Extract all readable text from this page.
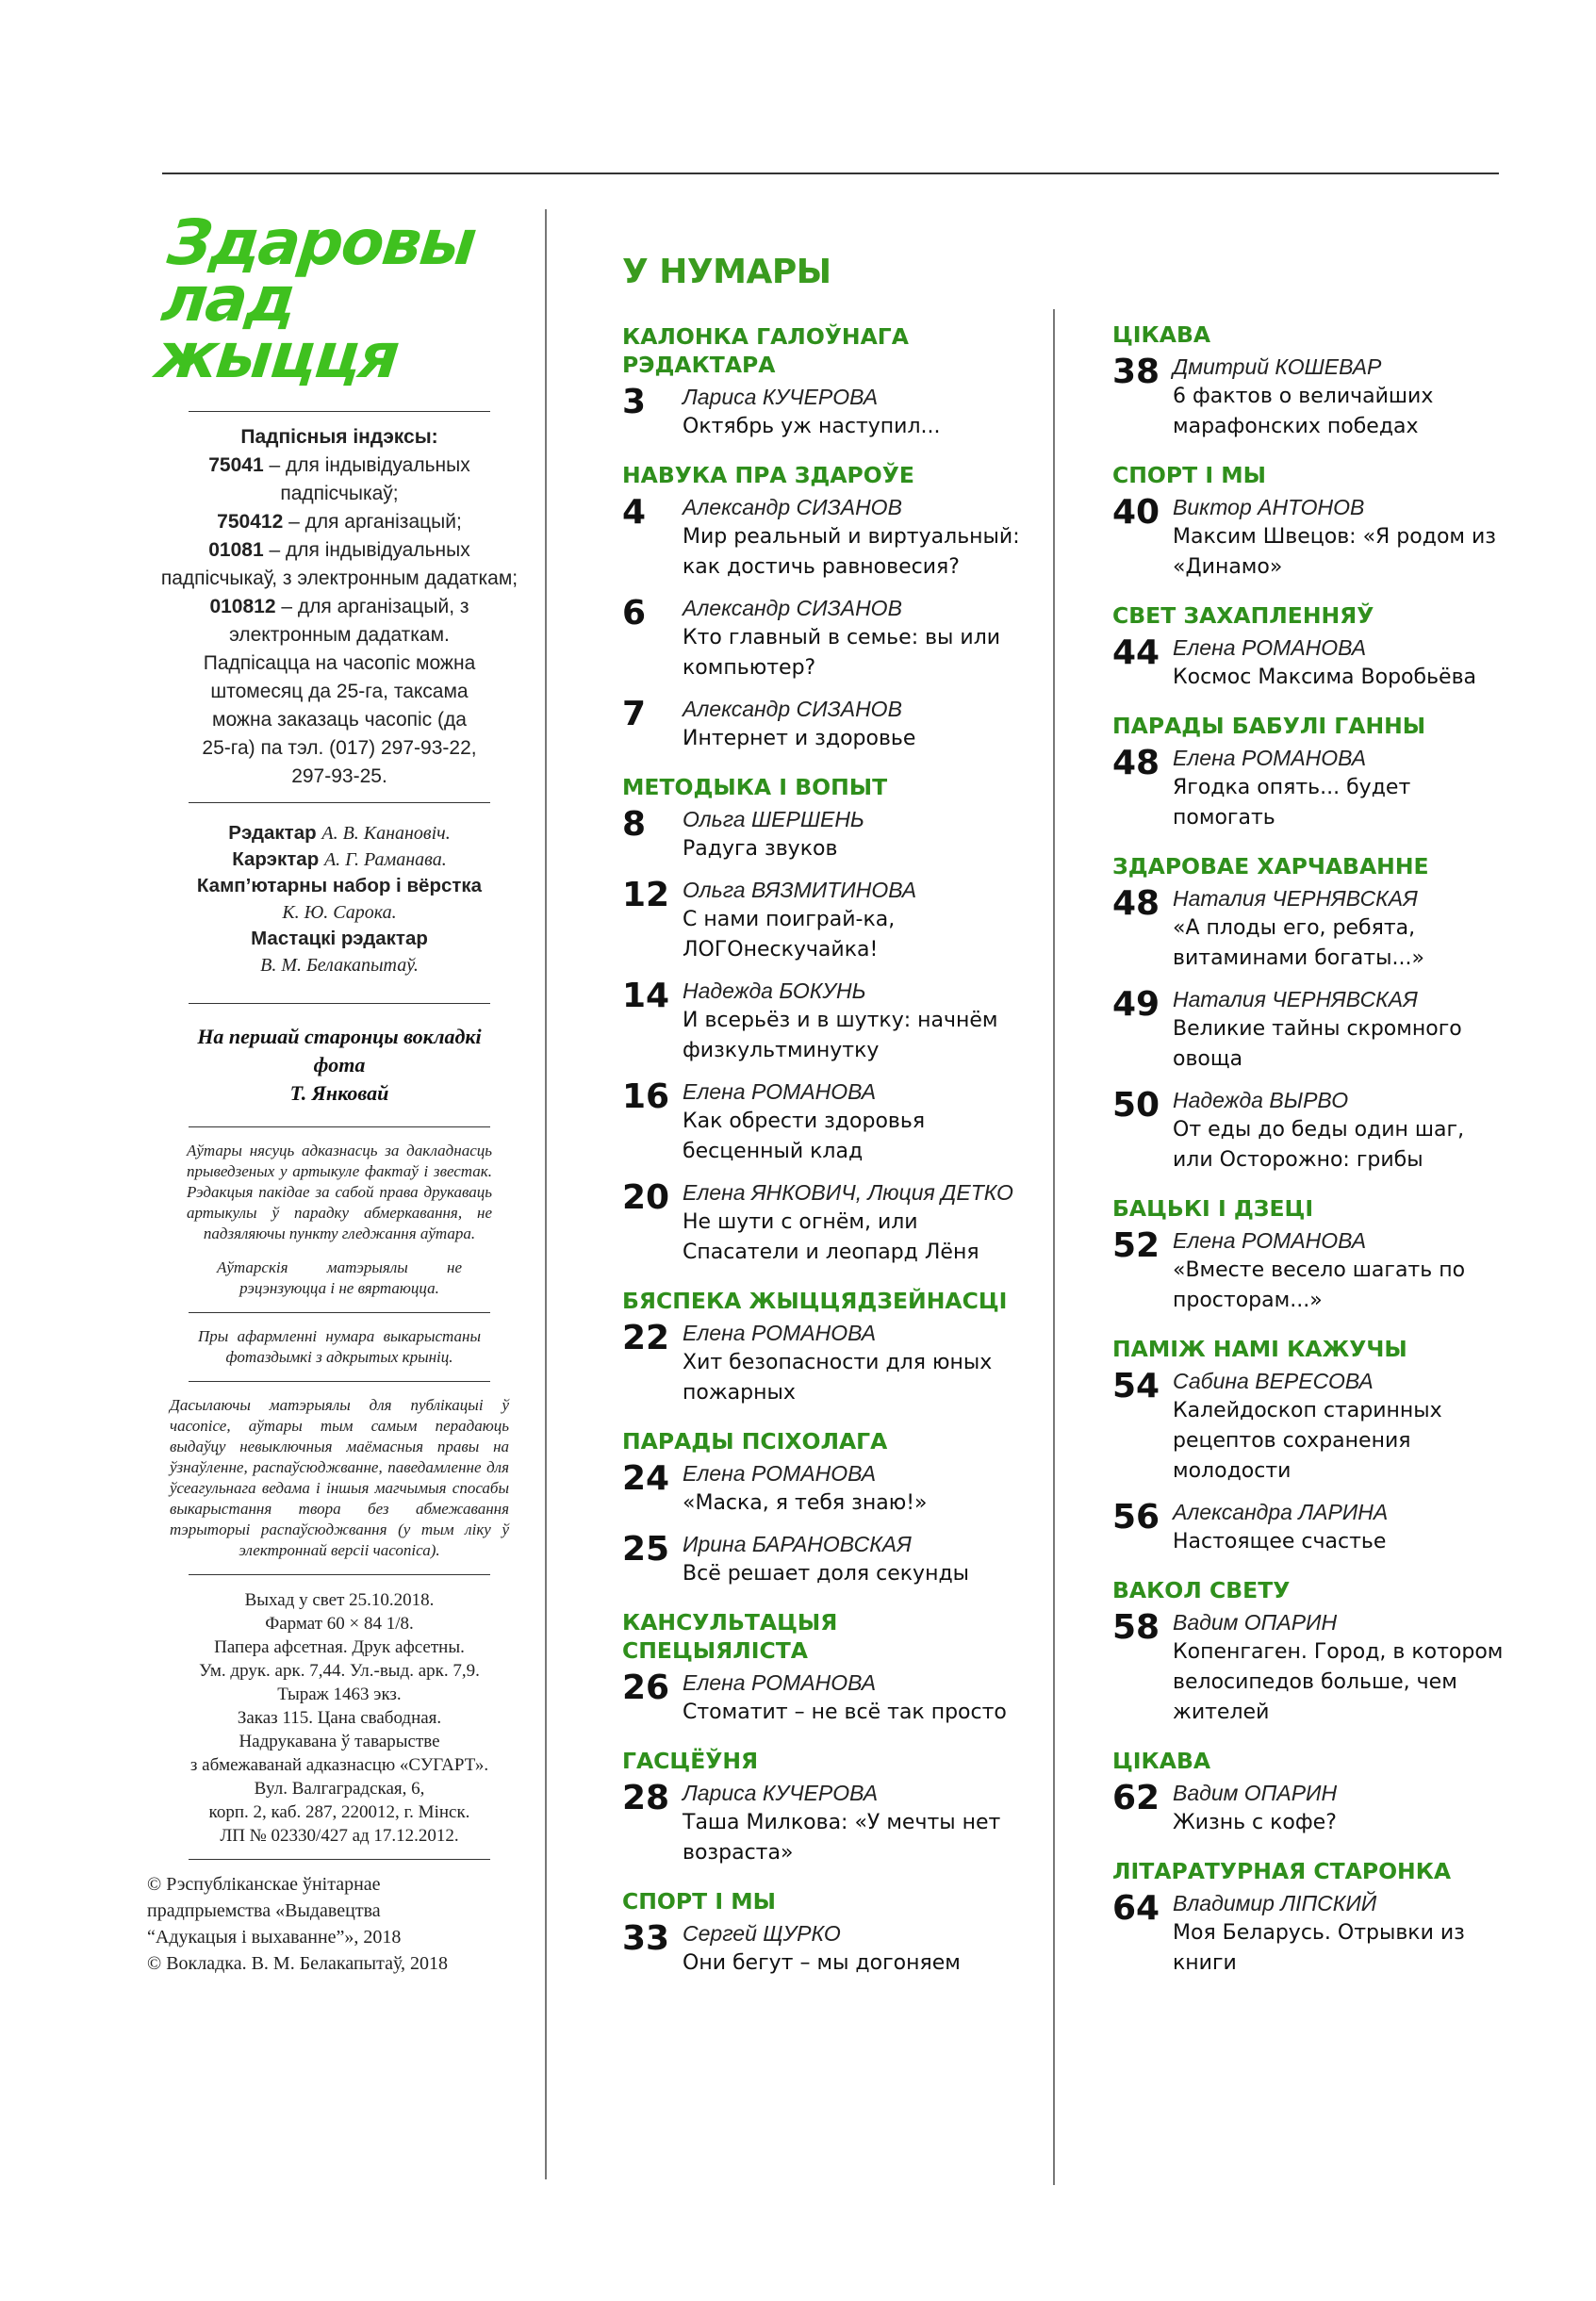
Здаровы
лад жыцця
Падпісныя індэксы:
75041 – для індывідуальных падпісчыкаў;
750412 – для арганізацый;
01081 – для індывідуальных падпісчыкаў, з электронным дадаткам;
010812 – для арганізацый, з электронным дадаткам.
Падпісацца на часопіс можна штомесяц да 25-га, таксама можна заказаць часопіс (да 25-га) па тэл. (017) 297-93-22, 297-93-25.
Рэдактар А. В. Канановіч.
Карэктар А. Г. Раманава.
Камп’ютарны набор і вёрстка
К. Ю. Сарока.
Мастацкі рэдактар
В. М. Белакапытаў.
На першай старонцы вокладкі
фота
Т. Янковай
Аўтары нясуць адказнасць за дакладнасць прыведзеных у артыкуле фактаў і звестак. Рэдакцыя пакідае за сабой права друкаваць артыкулы ў парадку абмеркавання, не падзяляючы пункту гледжання аўтара.
Аўтарскія матэрыялы не рэцэнзуюцца і не вяртаюцца.
Пры афармленні нумара выкарыстаны фотаздымкі з адкрытых крыніц.
Дасылаючы матэрыялы для публікацыі ў часопісе, аўтары тым самым перадаюць выдаўцу невыключныя маёмасныя правы на ўзнаўленне, распаўсюджванне, паведамленне для ўсеагульнага ведама і іншыя магчымыя спосабы выкарыстання твора без абмежавання тэрыторыі распаўсюджвання (у тым ліку ў электроннай версіі часопіса).
Выхад у свет 25.10.2018.
Фармат 60 × 84 1/8.
Папера афсетная. Друк афсетны.
Ум. друк. арк. 7,44. Ул.-выд. арк. 7,9.
Тыраж 1463 экз.
Заказ 115. Цана свабодная.
Надрукавана ў таварыстве
з абмежаванай адказнасцю «СУГАРТ».
Вул. Валгаградская, 6,
корп. 2, каб. 287, 220012, г. Мінск.
ЛП № 02330/427 ад 17.12.2012.
© Рэспубліканскае ўнітарнае прадпрыемства «Выдавецтва “Адукацыя і выхаванне”», 2018
© Вокладка. В. М. Белакапытаў, 2018
У НУМАРЫ
КАЛОНКА ГАЛОЎНАГА РЭДАКТАРА
3	Лариса КУЧЕРОВА
Октябрь уж наступил...
НАВУКА ПРА ЗДАРОЎЕ
4	Александр СИЗАНОВ
Мир реальный и виртуальный: как достичь равновесия?
6	Александр СИЗАНОВ
Кто главный в семье: вы или компьютер?
7	Александр СИЗАНОВ
Интернет и здоровье
МЕТОДЫКА І ВОПЫТ
8	Ольга ШЕРШЕНЬ
Радуга звуков
12 Ольга ВЯЗМИТИНОВА
С нами поиграй-ка, ЛОГОнескучайка!
14 Надежда БОКУНЬ
И всерьёз и в шутку: начнём физкультминутку
16 Елена РОМАНОВА
Как обрести здоровья бесценный клад
20 Елена ЯНКОВИЧ, Люция ДЕТКО
Не шути с огнём, или Спасатели и леопард Лёня
БЯСПЕКА ЖЫЦЦЯДЗЕЙНАСЦІ
22 Елена РОМАНОВА
Хит безопасности для юных пожарных
ПАРАДЫ ПСІХОЛАГА
24 Елена РОМАНОВА
«Маска, я тебя знаю!»
25 Ирина БАРАНОВСКАЯ
Всё решает доля секунды
КАНСУЛЬТАЦЫЯ СПЕЦЫЯЛІСТА
26 Елена РОМАНОВА
Стоматит – не всё так просто
ГАСЦЁЎНЯ
28 Лариса КУЧЕРОВА
Таша Милкова: «У мечты нет возраста»
СПОРТ І МЫ
33 Сергей ЩУРКО
Они бегут – мы догоняем
ЦІКАВА
38 Дмитрий КОШЕВАР
6 фактов о величайших марафонских победах
СПОРТ І МЫ
40 Виктор АНТОНОВ
Максим Швецов: «Я родом из «Динамо»
СВЕТ ЗАХАПЛЕННЯЎ
44 Елена РОМАНОВА
Космос Максима Воробьёва
ПАРАДЫ БАБУЛІ ГАННЫ
48 Елена РОМАНОВА
Ягодка опять... будет помогать
ЗДАРОВАЕ ХАРЧАВАННЕ
48 Наталия ЧЕРНЯВСКАЯ
«А плоды его, ребята, витаминами богаты...»
49 Наталия ЧЕРНЯВСКАЯ
Великие тайны скромного овоща
50 Надежда ВЫРВО
От еды до беды один шаг, или Осторожно: грибы
БАЦЬКІ І ДЗЕЦІ
52 Елена РОМАНОВА
«Вместе весело шагать по просторам...»
ПАМІЖ НАМІ КАЖУЧЫ
54 Сабина ВЕРЕСОВА
Калейдоскоп старинных рецептов сохранения молодости
56 Александра ЛАРИНА
Настоящее счастье
ВАКОЛ СВЕТУ
58 Вадим ОПАРИН
Копенгаген. Город, в котором велосипедов больше, чем жителей
ЦІКАВА
62 Вадим ОПАРИН
Жизнь с кофе?
ЛІТАРАТУРНАЯ СТАРОНКА
64 Владимир ЛІПСКИЙ
Моя Беларусь. Отрывки из книги
